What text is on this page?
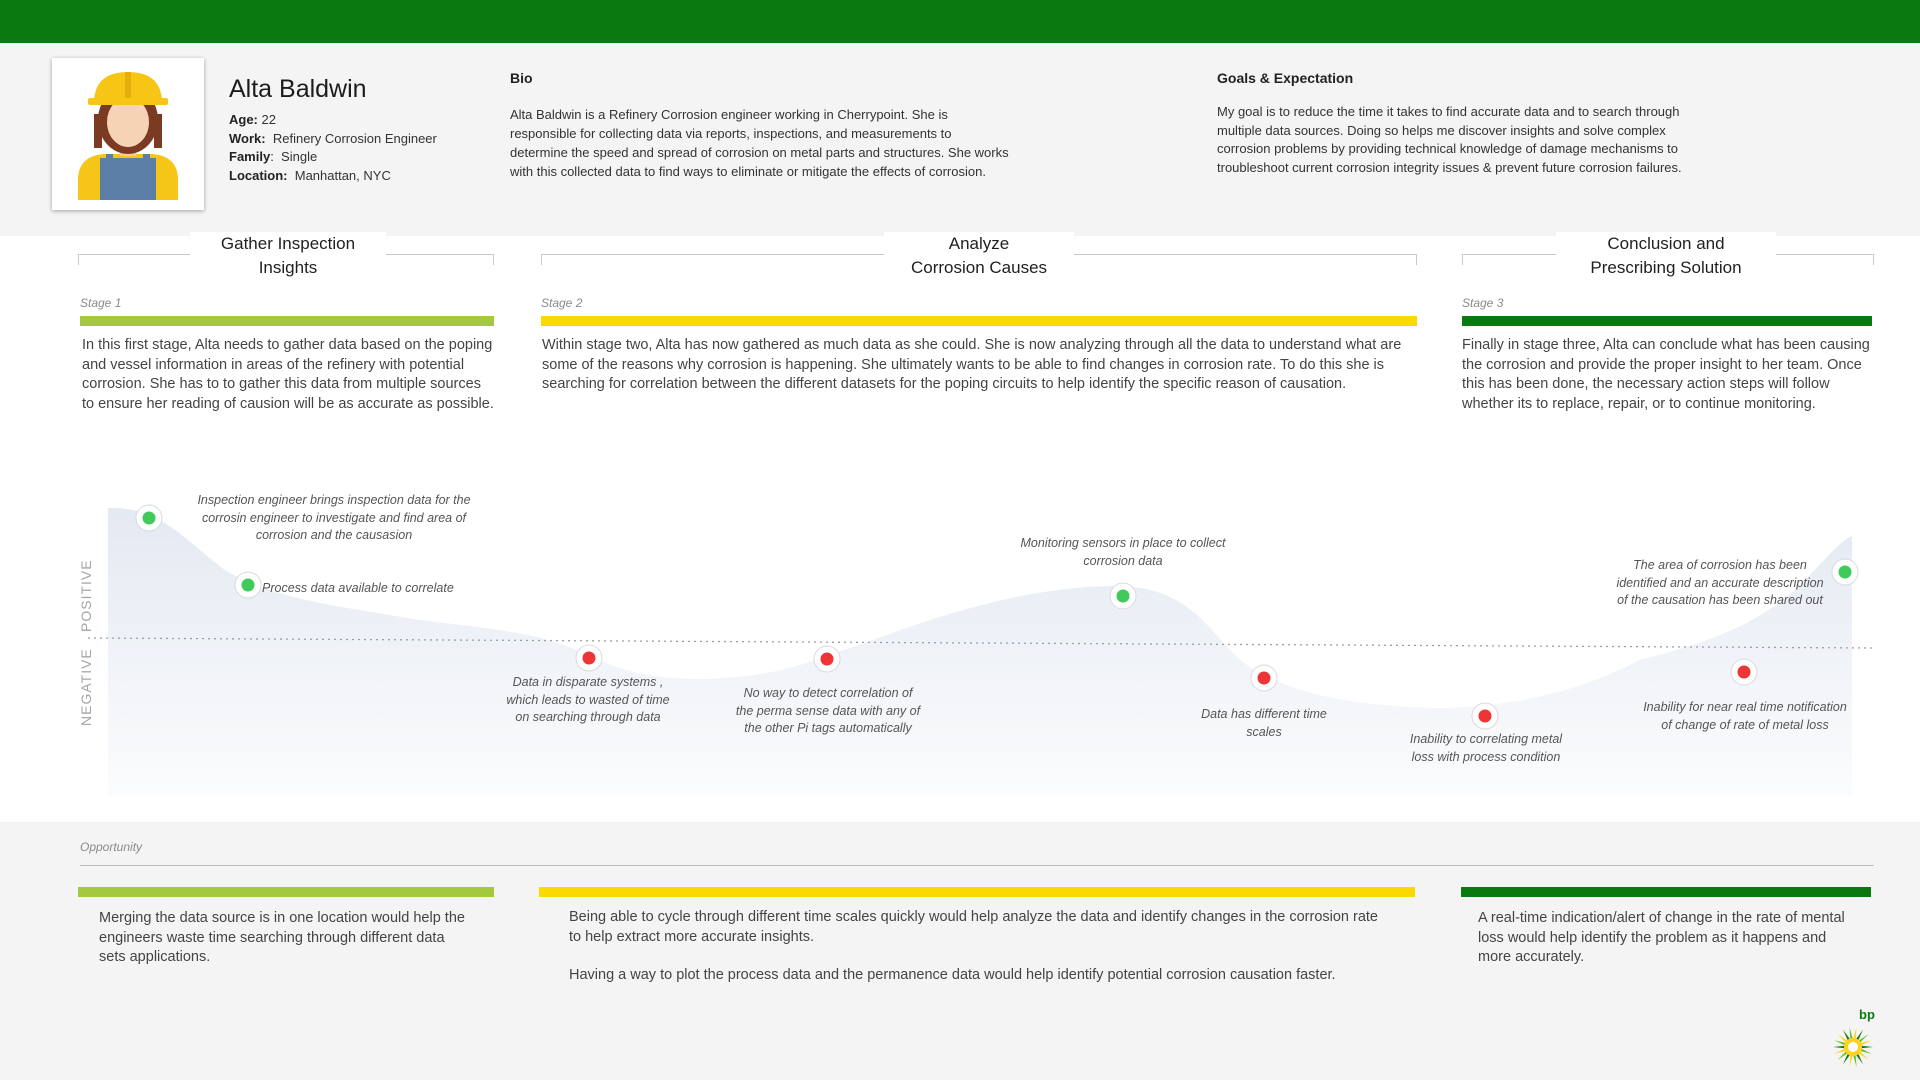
Alta Baldwin
Age: 22
Work: Refinery Corrosion Engineer
Family: Single
Location: Manhattan, NYC
Bio
Alta Baldwin is a Refinery Corrosion engineer working in Cherrypoint. She is responsible for collecting data via reports, inspections, and measurements to determine the speed and spread of corrosion on metal parts and structures. She works with this collected data to find ways to eliminate or mitigate the effects of corrosion.
Goals & Expectation
My goal is to reduce the time it takes to find accurate data and to search through multiple data sources. Doing so helps me discover insights and solve complex corrosion problems by providing technical knowledge of damage mechanisms to troubleshoot current corrosion integrity issues & prevent future corrosion failures.
Gather Inspection
Insights
Stage 1
In this first stage, Alta needs to gather data based on the poping and vessel information in areas of the refinery with potential corrosion. She has to to gather this data from multiple sources to ensure her reading of causion will be as accurate as possible.
Analyze
Corrosion Causes
Stage 2
Within stage two, Alta has now gathered as much data as she could. She is now analyzing through all the data to understand what are some of the reasons why corrosion is happening. She ultimately wants to be able to find changes in corrosion rate. To do this she is searching for correlation between the different datasets for the poping circuits to help identify the specific reason of causation.
Conclusion and
Prescribing Solution
Stage 3
Finally in stage three, Alta can conclude what has been causing the corrosion and provide the proper insight to her team. Once this has been done, the necessary action steps will follow whether its to replace, repair, or to continue monitoring.
POSITIVE
NEGATIVE
Inspection engineer brings inspection data for the corrosin engineer to investigate and find area of corrosion and the causasion
Process data available to correlate
Data in disparate systems , which leads to wasted of time on searching through data
No way to detect correlation of the perma sense data with any of the other Pi tags automatically
Monitoring sensors in place to collect corrosion data
Data has different time scales
Inability to correlating metal loss with process condition
Inability for near real time notification of change of rate of metal loss
The area of corrosion has been identified and an accurate description of the causation has been shared out
Opportunity

Merging the data source is in one location would help the engineers waste time searching through different data sets applications.

Being able to cycle through different time scales quickly would help analyze the data and identify changes in the corrosion rate to help extract more accurate insights.

Having a way to plot the process data and the permanence data would help identify potential corrosion causation faster.

A real-time indication/alert of change in the rate of mental loss would help identify the problem as it happens and more accurately.

bp
